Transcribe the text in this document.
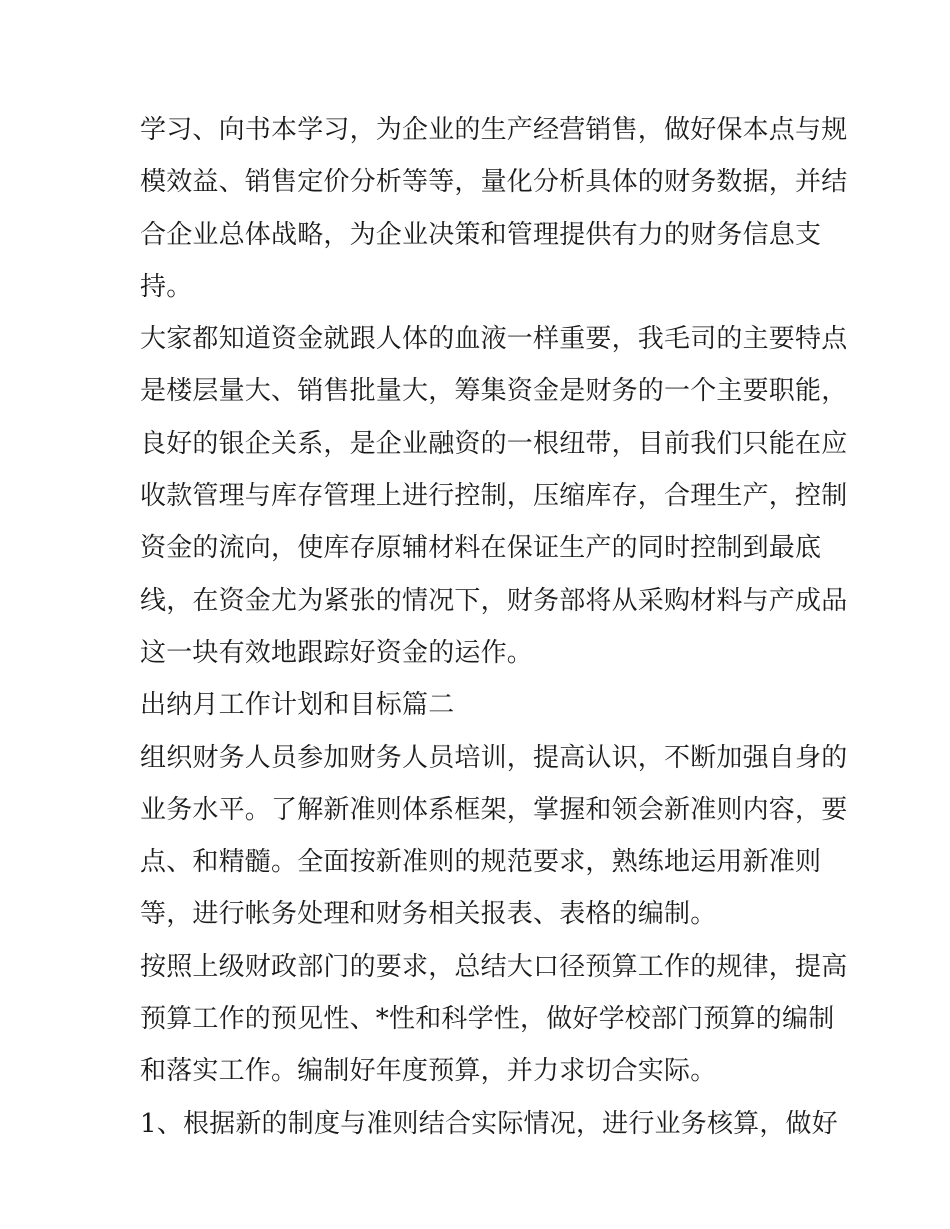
学习、向书本学习，为企业的生产经营销售，做好保本点与规
模效益、销售定价分析等等，量化分析具体的财务数据，并结
合企业总体战略，为企业决策和管理提供有力的财务信息支
持。
大家都知道资金就跟人体的血液一样重要，我毛司的主要特点
是楼层量大、销售批量大，筹集资金是财务的一个主要职能，
良好的银企关系，是企业融资的一根纽带，目前我们只能在应
收款管理与库存管理上进行控制，压缩库存，合理生产，控制
资金的流向，使库存原辅材料在保证生产的同时控制到最底
线，在资金尤为紧张的情况下，财务部将从采购材料与产成品
这一块有效地跟踪好资金的运作。
出纳月工作计划和目标篇二
组织财务人员参加财务人员培训，提高认识，不断加强自身的
业务水平。了解新准则体系框架，掌握和领会新准则内容，要
点、和精髓。全面按新准则的规范要求，熟练地运用新准则
等，进行帐务处理和财务相关报表、表格的编制。
按照上级财政部门的要求，总结大口径预算工作的规律，提高
预算工作的预见性、*性和科学性，做好学校部门预算的编制
和落实工作。编制好年度预算，并力求切合实际。
1、根据新的制度与准则结合实际情况，进行业务核算，做好
